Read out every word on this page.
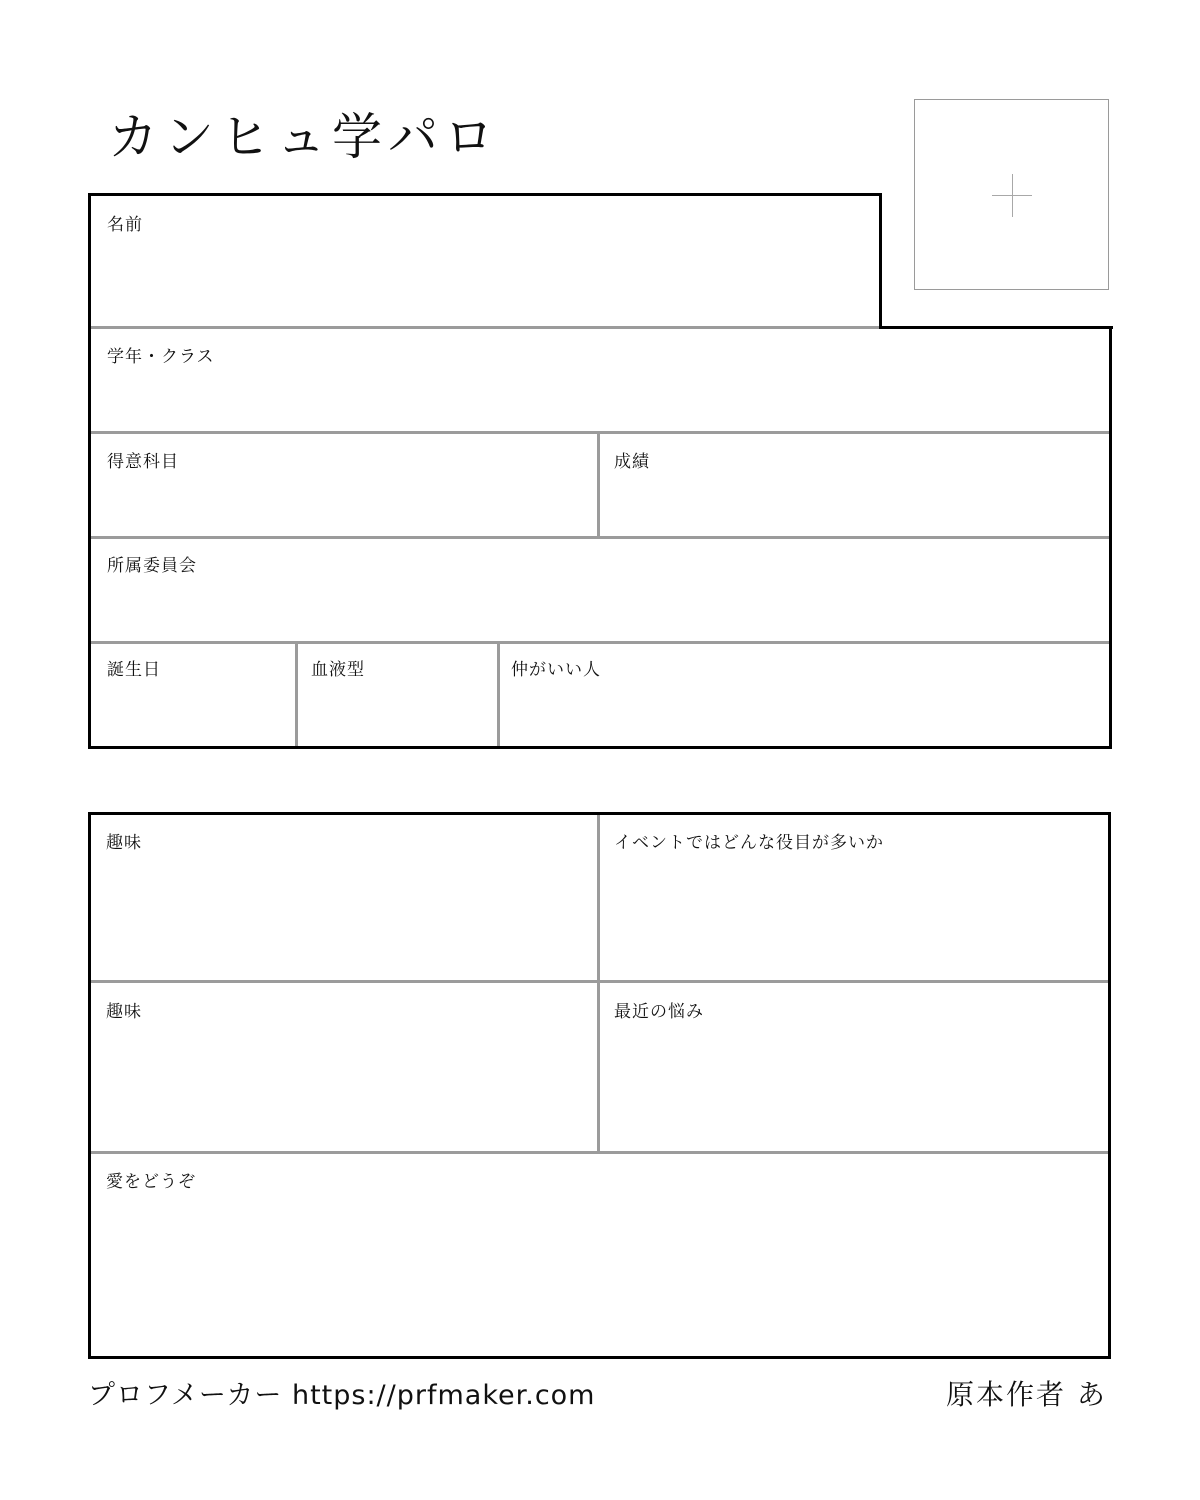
カンヒュ学パロ
名前
学年・クラス
得意科目	成績
所属委員会
誕生日	血液型	仲がいい人
趣味	イベントではどんな役目が多いか
趣味	最近の悩み
愛をどうぞ
プロフメーカー https://prfmaker.com	原本作者 あ
